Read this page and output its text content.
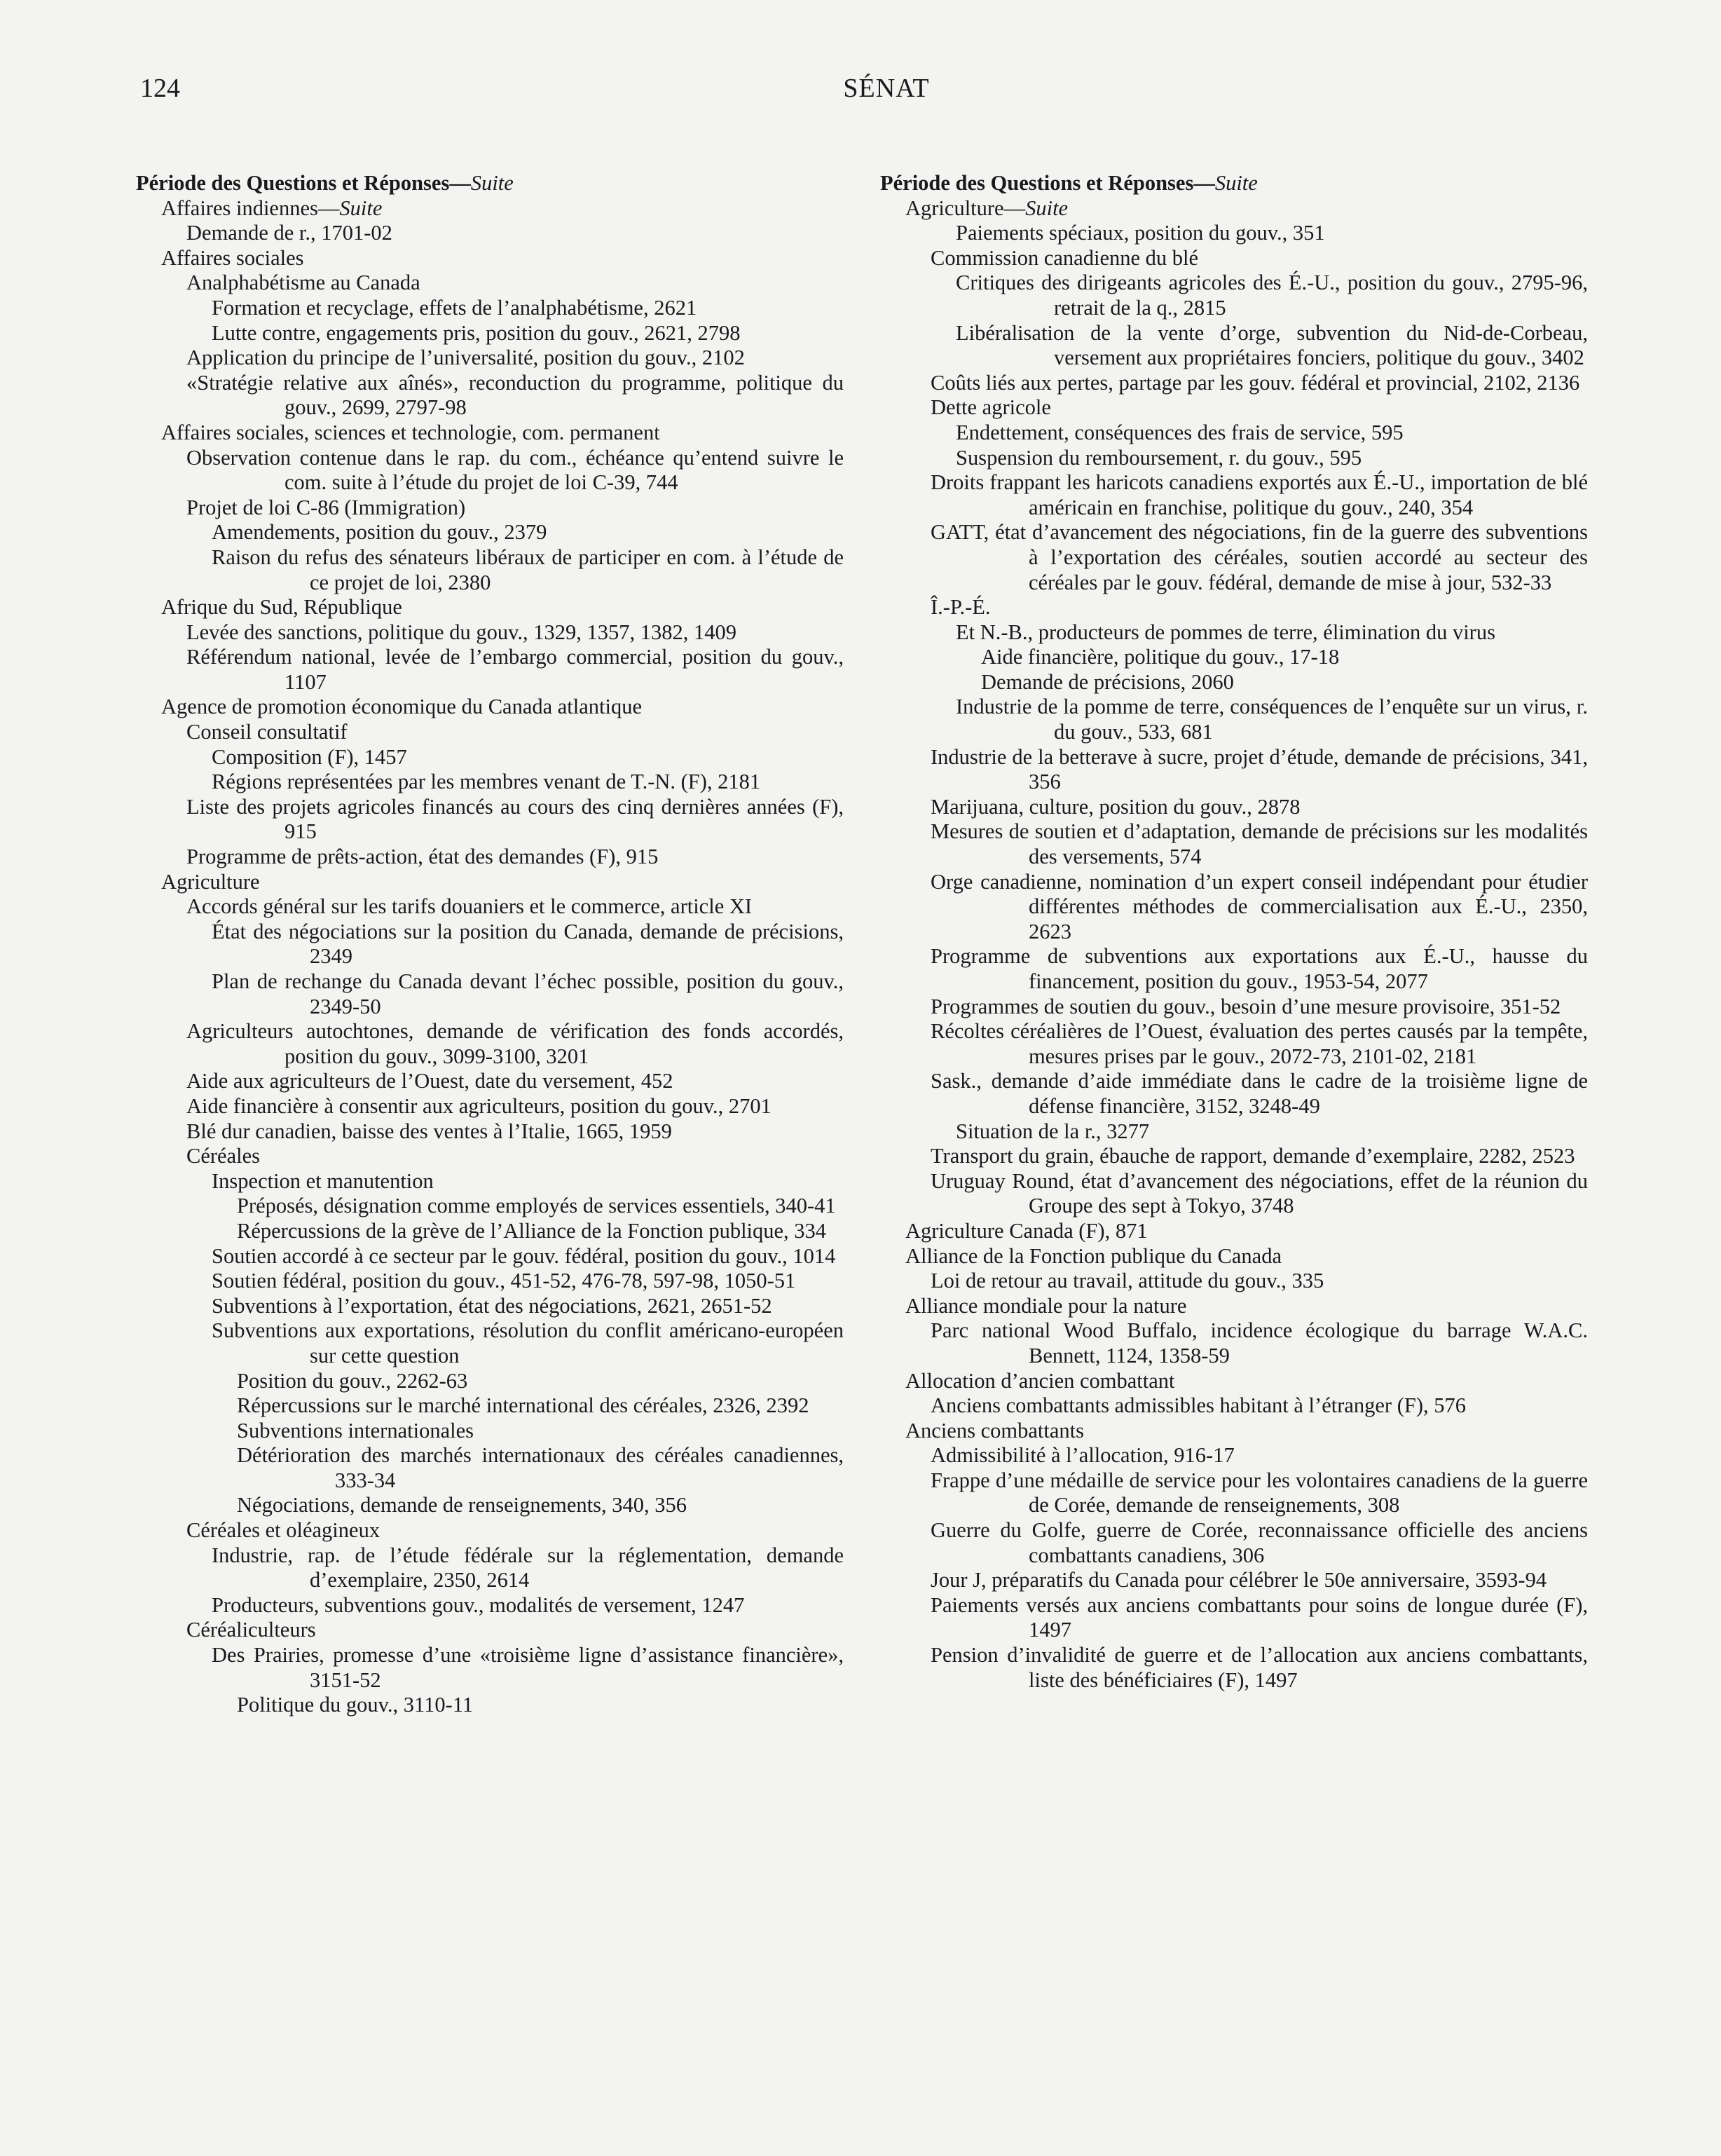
124	SÉNAT

Période des Questions et Réponses—Suite

Affaires indiennes—Suite

Demande de r., 1701-02

Affaires sociales

Analphabétisme au Canada

Formation et recyclage, effets de l’analphabétisme, 2621

Lutte contre, engagements pris, position du gouv., 2621, 2798

Application du principe de l’universalité, position du gouv., 2102

«Stratégie relative aux aînés», reconduction du programme, politique du gouv., 2699, 2797-98

Affaires sociales, sciences et technologie, com. permanent

Observation contenue dans le rap. du com., échéance qu’entend suivre le com. suite à l’étude du projet de loi C-39, 744

Projet de loi C-86 (Immigration)

Amendements, position du gouv., 2379

Raison du refus des sénateurs libéraux de participer en com. à l’étude de ce projet de loi, 2380

Afrique du Sud, République

Levée des sanctions, politique du gouv., 1329, 1357, 1382, 1409

Référendum national, levée de l’embargo commercial, position du gouv., 1107

Agence de promotion économique du Canada atlantique

Conseil consultatif

Composition (F), 1457

Régions représentées par les membres venant de T.-N. (F), 2181

Liste des projets agricoles financés au cours des cinq dernières années (F), 915

Programme de prêts-action, état des demandes (F), 915

Agriculture

Accords général sur les tarifs douaniers et le commerce, article XI

État des négociations sur la position du Canada, demande de précisions, 2349

Plan de rechange du Canada devant l’échec possible, position du gouv., 2349-50

Agriculteurs autochtones, demande de vérification des fonds accordés, position du gouv., 3099-3100, 3201

Aide aux agriculteurs de l’Ouest, date du versement, 452

Aide financière à consentir aux agriculteurs, position du gouv., 2701

Blé dur canadien, baisse des ventes à l’Italie, 1665, 1959

Céréales

Inspection et manutention

Préposés, désignation comme employés de services essentiels, 340-41

Répercussions de la grève de l’Alliance de la Fonction publique, 334

Soutien accordé à ce secteur par le gouv. fédéral, position du gouv., 1014

Soutien fédéral, position du gouv., 451-52, 476-78, 597-98, 1050-51

Subventions à l’exportation, état des négociations, 2621, 2651-52

Subventions aux exportations, résolution du conflit américano-européen sur cette question

Position du gouv., 2262-63

Répercussions sur le marché international des céréales, 2326, 2392

Subventions internationales

Détérioration des marchés internationaux des céréales canadiennes, 333-34

Négociations, demande de renseignements, 340, 356

Céréales et oléagineux

Industrie, rap. de l’étude fédérale sur la réglementation, demande d’exemplaire, 2350, 2614

Producteurs, subventions gouv., modalités de versement, 1247

Céréaliculteurs

Des Prairies, promesse d’une «troisième ligne d’assistance financière», 3151-52

Politique du gouv., 3110-11

Période des Questions et Réponses—Suite

Agriculture—Suite

Paiements spéciaux, position du gouv., 351

Commission canadienne du blé

Critiques des dirigeants agricoles des É.-U., position du gouv., 2795-96, retrait de la q., 2815

Libéralisation de la vente d’orge, subvention du Nid-de-Corbeau, versement aux propriétaires fonciers, politique du gouv., 3402

Coûts liés aux pertes, partage par les gouv. fédéral et provincial, 2102, 2136

Dette agricole

Endettement, conséquences des frais de service, 595

Suspension du remboursement, r. du gouv., 595

Droits frappant les haricots canadiens exportés aux É.-U., importation de blé américain en franchise, politique du gouv., 240, 354

GATT, état d’avancement des négociations, fin de la guerre des subventions à l’exportation des céréales, soutien accordé au secteur des céréales par le gouv. fédéral, demande de mise à jour, 532-33

Î.-P.-É.

Et N.-B., producteurs de pommes de terre, élimination du virus

Aide financière, politique du gouv., 17-18

Demande de précisions, 2060

Industrie de la pomme de terre, conséquences de l’enquête sur un virus, r. du gouv., 533, 681

Industrie de la betterave à sucre, projet d’étude, demande de précisions, 341, 356

Marijuana, culture, position du gouv., 2878

Mesures de soutien et d’adaptation, demande de précisions sur les modalités des versements, 574

Orge canadienne, nomination d’un expert conseil indépendant pour étudier différentes méthodes de commercialisation aux É.-U., 2350, 2623

Programme de subventions aux exportations aux É.-U., hausse du financement, position du gouv., 1953-54, 2077

Programmes de soutien du gouv., besoin d’une mesure provisoire, 351-52

Récoltes céréalières de l’Ouest, évaluation des pertes causés par la tempête, mesures prises par le gouv., 2072-73, 2101-02, 2181

Sask., demande d’aide immédiate dans le cadre de la troisième ligne de défense financière, 3152, 3248-49

Situation de la r., 3277

Transport du grain, ébauche de rapport, demande d’exemplaire, 2282, 2523

Uruguay Round, état d’avancement des négociations, effet de la réunion du Groupe des sept à Tokyo, 3748

Agriculture Canada (F), 871

Alliance de la Fonction publique du Canada

Loi de retour au travail, attitude du gouv., 335

Alliance mondiale pour la nature

Parc national Wood Buffalo, incidence écologique du barrage W.A.C. Bennett, 1124, 1358-59

Allocation d’ancien combattant

Anciens combattants admissibles habitant à l’étranger (F), 576

Anciens combattants

Admissibilité à l’allocation, 916-17

Frappe d’une médaille de service pour les volontaires canadiens de la guerre de Corée, demande de renseignements, 308

Guerre du Golfe, guerre de Corée, reconnaissance officielle des anciens combattants canadiens, 306

Jour J, préparatifs du Canada pour célébrer le 50e anniversaire, 3593-94

Paiements versés aux anciens combattants pour soins de longue durée (F), 1497

Pension d’invalidité de guerre et de l’allocation aux anciens combattants, liste des bénéficiaires (F), 1497
